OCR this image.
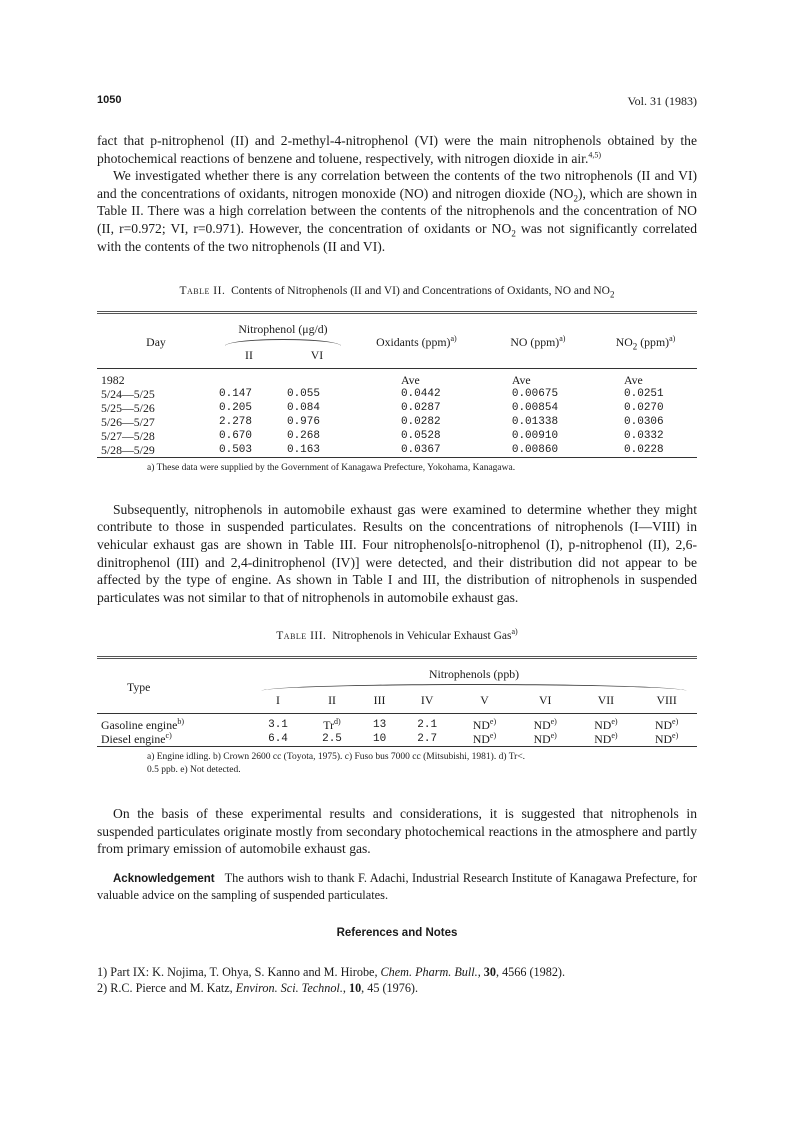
1050	Vol. 31 (1983)

fact that p-nitrophenol (II) and 2-methyl-4-nitrophenol (VI) were the main nitrophenols obtained by the photochemical reactions of benzene and toluene, respectively, with nitrogen dioxide in air.$^{4,5)}$

We investigated whether there is any correlation between the contents of the two nitrophenols (II and VI) and the concentrations of oxidants, nitrogen monoxide (NO) and nitrogen dioxide $(NO_2)$, which are shown in Table II. There was a high correlation between the contents of the nitrophenols and the concentration of NO (II, r=0.972; VI, r=0.971). However, the concentration of oxidants or $NO_2$ was not significantly correlated with the contents of the two nitrophenols (II and VI).

Table II. Contents of Nitrophenols (II and VI) and Concentrations of Oxidants, NO and $NO_2$

Day	Nitrophenol (μg/d)		Oxidants (ppm)$^{a)}$	NO (ppm)$^{a)}$	$NO_2$ (ppm)$^{a)}$
	II	VI			

1982			Ave	Ave	Ave
5/24—5/25	0.147	0.055	0.0442	0.00675	0.0251
5/25—5/26	0.205	0.084	0.0287	0.00854	0.0270
5/26—5/27	2.278	0.976	0.0282	0.01338	0.0306
5/27—5/28	0.670	0.268	0.0528	0.00910	0.0332
5/28—5/29	0.503	0.163	0.0367	0.00860	0.0228

a) These data were supplied by the Government of Kanagawa Prefecture, Yokohama, Kanagawa.

Subsequently, nitrophenols in automobile exhaust gas were examined to determine whether they might contribute to those in suspended particulates. Results on the concentrations of nitrophenols (I—VIII) in vehicular exhaust gas are shown in Table III. Four nitrophenols[o-nitrophenol (I), p-nitrophenol (II), 2,6-dinitrophenol (III) and 2,4-dinitrophenol (IV)] were detected, and their distribution did not appear to be affected by the type of engine. As shown in Table I and III, the distribution of nitrophenols in suspended particulates was not similar to that of nitrophenols in automobile exhaust gas.

Table III. Nitrophenols in Vehicular Exhaust Gas$^{a)}$

Type	Nitrophenols (ppb)							

	I	II	III	IV	V	VI	VII	VIII

Gasoline engine$^{b)}$	3.1	Tr$^{d)}$	13	2.1	ND$^{e)}$	ND$^{e)}$	ND$^{e)}$	ND$^{e)}$
Diesel engine$^{c)}$	6.4	2.5	10	2.7	ND$^{e)}$	ND$^{e)}$	ND$^{e)}$	ND$^{e)}$

a) Engine idling. b) Crown 2600 cc (Toyota, 1975). c) Fuso bus 7000 cc (Mitsubishi, 1981). d) Tr<.
0.5 ppb. e) Not detected.

On the basis of these experimental results and considerations, it is suggested that nitrophenols in suspended particulates originate mostly from secondary photochemical reactions in the atmosphere and partly from primary emission of automobile exhaust gas.

Acknowledgement The authors wish to thank F. Adachi, Industrial Research Institute of Kanagawa Prefecture, for valuable advice on the sampling of suspended particulates.

References and Notes

1) Part IX: K. Nojima, T. Ohya, S. Kanno and M. Hirobe, Chem. Pharm. Bull., 30, 4566 (1982).

2) R.C. Pierce and M. Katz, Environ. Sci. Technol., 10, 45 (1976).
